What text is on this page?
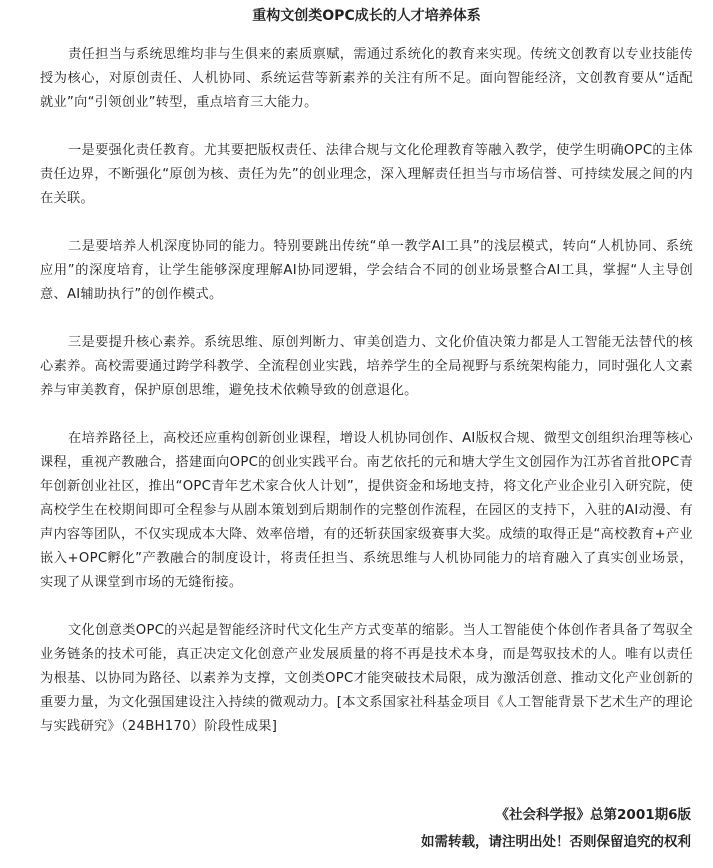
重构文创类OPC成长的人才培养体系

责任担当与系统思维均非与生俱来的素质禀赋，需通过系统化的教育来实现。传统文创教育以专业技能传授为核心，对原创责任、人机协同、系统运营等新素养的关注有所不足。面向智能经济，文创教育要从“适配就业”向“引领创业”转型，重点培育三大能力。

一是要强化责任教育。尤其要把版权责任、法律合规与文化伦理教育等融入教学，使学生明确OPC的主体责任边界，不断强化“原创为核、责任为先”的创业理念，深入理解责任担当与市场信誉、可持续发展之间的内在关联。

二是要培养人机深度协同的能力。特别要跳出传统“单一教学AI工具”的浅层模式，转向“人机协同、系统应用”的深度培育，让学生能够深度理解AI协同逻辑，学会结合不同的创业场景整合AI工具，掌握“人主导创意、AI辅助执行”的创作模式。

三是要提升核心素养。系统思维、原创判断力、审美创造力、文化价值决策力都是人工智能无法替代的核心素养。高校需要通过跨学科教学、全流程创业实践，培养学生的全局视野与系统架构能力，同时强化人文素养与审美教育，保护原创思维，避免技术依赖导致的创意退化。

在培养路径上，高校还应重构创新创业课程，增设人机协同创作、AI版权合规、微型文创组织治理等核心课程，重视产教融合，搭建面向OPC的创业实践平台。南艺依托的元和塘大学生文创园作为江苏省首批OPC青年创新创业社区，推出“OPC青年艺术家合伙人计划”，提供资金和场地支持，将文化产业企业引入研究院，使高校学生在校期间即可全程参与从剧本策划到后期制作的完整创作流程，在园区的支持下，入驻的AI动漫、有声内容等团队，不仅实现成本大降、效率倍增，有的还斩获国家级赛事大奖。成绩的取得正是“高校教育+产业嵌入+OPC孵化”产教融合的制度设计，将责任担当、系统思维与人机协同能力的培育融入了真实创业场景，实现了从课堂到市场的无缝衔接。

文化创意类OPC的兴起是智能经济时代文化生产方式变革的缩影。当人工智能使个体创作者具备了驾驭全业务链条的技术可能，真正决定文化创意产业发展质量的将不再是技术本身，而是驾驭技术的人。唯有以责任为根基、以协同为路径、以素养为支撑，文创类OPC才能突破技术局限，成为激活创意、推动文化产业创新的重要力量，为文化强国建设注入持续的微观动力。[本文系国家社科基金项目《人工智能背景下艺术生产的理论与实践研究》（24BH170）阶段性成果]

《社会科学报》总第2001期6版
如需转载，请注明出处！否则保留追究的权利
